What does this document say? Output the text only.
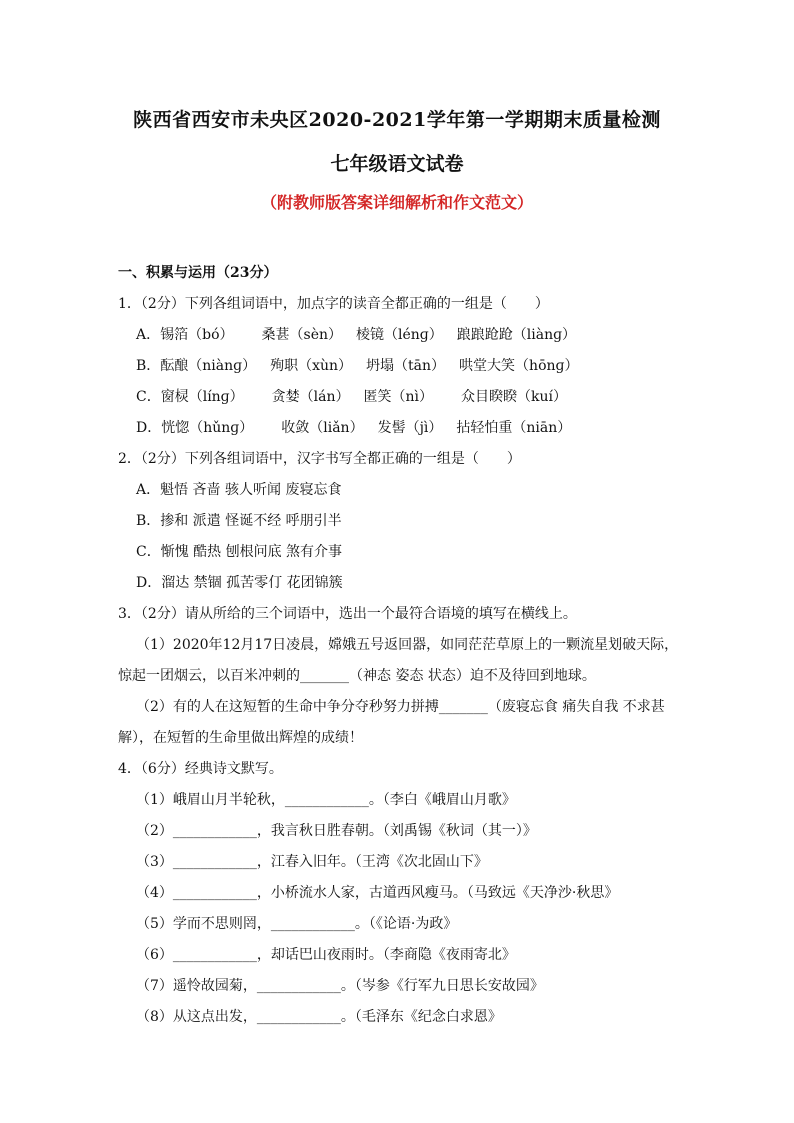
陕西省西安市未央区2020-2021学年第一学期期末质量检测
七年级语文试卷
（附教师版答案详细解析和作文范文）
一、积累与运用（23分）
1．（2分）下列各组词语中，加点字的读音全都正确的一组是（　　）
A．锡箔（bó） 桑葚（sèn） 棱镜（lénɡ） 踉踉跄跄（liànɡ）
B．酝酿（niànɡ） 殉职（xùn） 坍塌（tān） 哄堂大笑（hōnɡ）
C．窗棂（línɡ） 贪婪（lán） 匿笑（nì） 众目睽睽（kuí）
D．恍惚（hǔnɡ） 收敛（liǎn） 发髻（jì） 拈轻怕重（niān）
2．（2分）下列各组词语中，汉字书写全都正确的一组是（　　）
A．魁悟 吝啬 骇人听闻 废寝忘食
B．掺和 派遣 怪诞不经 呼朋引半
C．惭愧 酷热 刨根问底 煞有介事
D．溜达 禁锢 孤苦零仃 花团锦簇
3．（2分）请从所给的三个词语中，选出一个最符合语境的填写在横线上。
（1）2020年12月17日凌晨，嫦娥五号返回器，如同茫茫草原上的一颗流星划破天际，
惊起一团烟云，以百米冲刺的_______（神态 姿态 状态）迫不及待回到地球。
（2）有的人在这短暂的生命中争分夺秒努力拼搏_______（废寝忘食 痛失自我 不求甚
解），在短暂的生命里做出辉煌的成绩！
4．（6分）经典诗文默写。
（1）峨眉山月半轮秋，____________。（李白《峨眉山月歌》
（2）____________，我言秋日胜春朝。（刘禹锡《秋词（其一）》
（3）____________，江春入旧年。（王湾《次北固山下》
（4）____________，小桥流水人家，古道西风瘦马。（马致远《天净沙·秋思》
（5）学而不思则罔，____________。（《论语·为政》
（6）____________，却话巴山夜雨时。（李商隐《夜雨寄北》
（7）遥怜故园菊，____________。（岑参《行军九日思长安故园》
（8）从这点出发，____________。（毛泽东《纪念白求恩》
